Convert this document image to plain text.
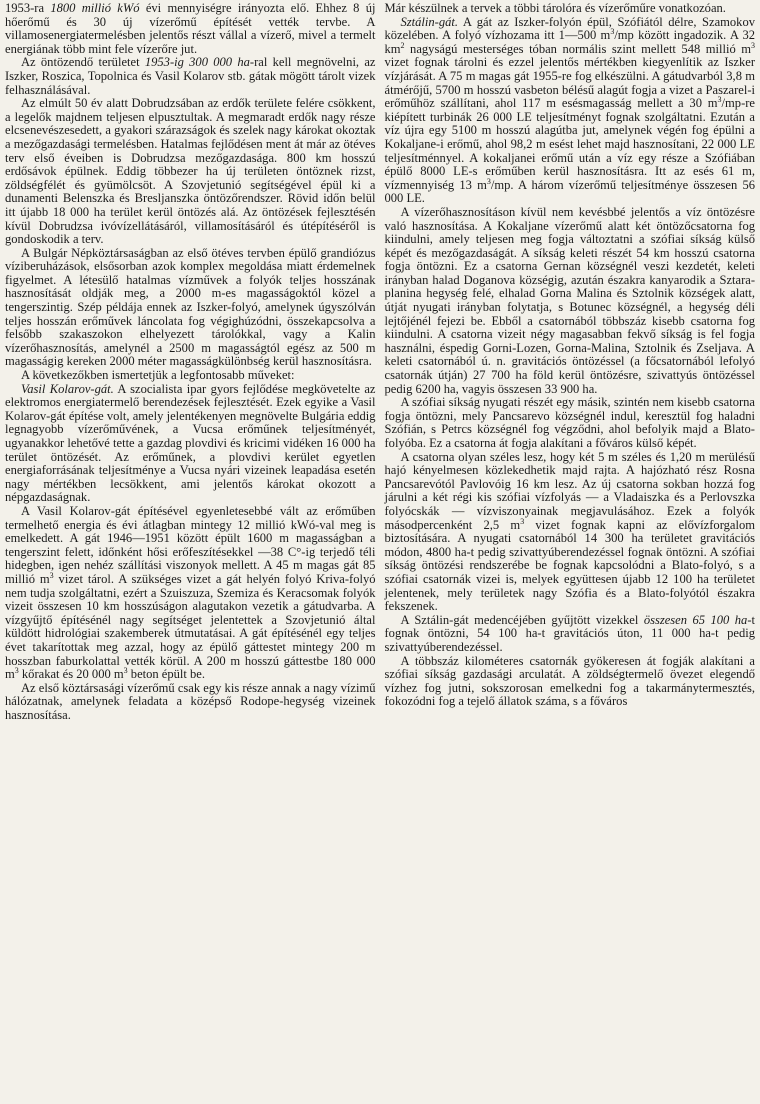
1953-ra 1800 millió kWó évi mennyiségre irányozta elő. Ehhez 8 új hőerőmű és 30 új vízerőmű építését vették tervbe. A villamosenergiatermelésben jelentős részt vállal a vízerő, mivel a termelt energiának több mint fele vízerőre jut.

Az öntözendő területet 1953-ig 300 000 ha-ral kell megnövelni, az Iszker, Roszica, Topolnica és Vasil Kolarov stb. gátak mögött tárolt vizek felhasználásával.

Az elmúlt 50 év alatt Dobrudzsában az erdők területe felére csökkent, a legelők majdnem teljesen elpusztultak. A megmaradt erdők nagy része elcsenevészesedett, a gyakori szárazságok és szelek nagy károkat okoztak a mezőgazdasági termelésben. Hatalmas fejlődésen ment át már az ötéves terv első éveiben is Dobrudzsa mezőgazdasága. 800 km hosszú erdősávok épülnek. Eddig többezer ha új területen öntöznek rizst, zöldségfélét és gyümölcsöt. A Szovjetunió segítségével épül ki a dunamenti Belenszka és Bresljanszka öntözőrendszer. Rövid időn belül itt újabb 18 000 ha terület kerül öntözés alá. Az öntözések fejlesztésén kívül Dobrudzsa ivóvízellátásáról, villamosításáról és útépítéséről is gondoskodik a terv.

A Bulgár Népköztársaságban az első ötéves tervben épülő grandiózus víziberuházások, elsősorban azok komplex megoldása miatt érdemelnek figyelmet. A létesülő hatalmas vízművek a folyók teljes hosszának hasznosítását oldják meg, a 2000 m-es magasságoktól közel a tengerszintig. Szép példája ennek az Iszker-folyó, amelynek úgyszólván teljes hosszán erőművek láncolata fog végighúzódni, összekapcsolva a felsőbb szakaszokon elhelyezett tárolókkal, vagy a Kalin vízerőhasznosítás, amelynél a 2500 m magasságtól egész az 500 m magasságig kereken 2000 méter magasságkülönbség kerül hasznosításra.

A következőkben ismertetjük a legfontosabb műveket:

Vasil Kolarov-gát. A szocialista ipar gyors fejlődése megkövetelte az elektromos energiatermelő berendezések fejlesztését. Ezek egyike a Vasil Kolarov-gát építése volt, amely jelentékenyen megnövelte Bulgária eddig legnagyobb vízerőművének, a Vucsa erőműnek teljesítményét, ugyanakkor lehetővé tette a gazdag plovdivi és kricimi vidéken 16 000 ha terület öntözését. Az erőműnek, a plovdivi kerület egyetlen energiaforrásának teljesítménye a Vucsa nyári vizeinek leapadása esetén nagy mértékben lecsökkent, ami jelentős károkat okozott a népgazdaságnak.

A Vasil Kolarov-gát építésével egyenletesebbé vált az erőműben termelhető energia és évi átlagban mintegy 12 millió kWó-val meg is emelkedett. A gát 1946—1951 között épült 1600 m magasságban a tengerszint felett, időnként hősi erőfeszítésekkel —38 C°-ig terjedő téli hidegben, igen nehéz szállítási viszonyok mellett. A 45 m magas gát 85 millió $m^3$ vizet tárol. A szükséges vizet a gát helyén folyó Kriva-folyó nem tudja szolgáltatni, ezért a Szuiszuza, Szemiza és Keracsomak folyók vizeit összesen 10 km hosszúságon alagutakon vezetik a gátudvarba. A vízgyűjtő építésénél nagy segítséget jelentettek a Szovjetunió által küldött hidrológiai szakemberek útmutatásai. A gát építésénél egy teljes évet takarítottak meg azzal, hogy az épülő gáttestet mintegy 200 m hosszban faburkolattal vették körül. A 200 m hosszú gáttestbe 180 000 $m^3$ kőrakat és 20 000 $m^3$ beton épült be.

Az első köztársasági vízerőmű csak egy kis része annak a nagy vízimű hálózatnak, amelynek feladata a középső Rodope-hegység vizeinek hasznosítása.

Már készülnek a tervek a többi tárolóra és vízerőműre vonatkozóan.

Sztálin-gát. A gát az Iszker-folyón épül, Szófiától délre, Szamokov közelében. A folyó vízhozama itt 1—500 $m^3/mp$ között ingadozik. A 32 $km^2$ nagyságú mesterséges tóban normális szint mellett 548 millió $m^3$ vizet fognak tárolni és ezzel jelentős mértékben kiegyenlítik az Iszker vízjárását. A 75 m magas gát 1955-re fog elkészülni. A gátudvarból 3,8 m átmérőjű, 5700 m hosszú vasbeton bélésű alagút fogja a vizet a Paszarel-i erőműhöz szállítani, ahol 117 m esésmagasság mellett a 30 $m^3/mp-re$ kiépített turbinák 26 000 LE teljesítményt fognak szolgáltatni. Ezután a víz újra egy 5100 m hosszú alagútba jut, amelynek végén fog épülni a Kokaljane-i erőmű, ahol 98,2 m esést lehet majd hasznosítani, 22 000 LE teljesítménnyel. A kokaljanei erőmű után a víz egy része a Szófiában épülő 8000 LE-s erőműben kerül hasznosításra. Itt az esés 61 m, vízmennyiség 13 $m^3/mp$. A három vízerőmű teljesítménye összesen 56 000 LE.

A vízerőhasznosításon kívül nem kevésbbé jelentős a víz öntözésre való hasznosítása. A Kokaljane vízerőmű alatt két öntözőcsatorna fog kiindulni, amely teljesen meg fogja változtatni a szófiai síkság külső képét és mezőgazdaságát. A síkság keleti részét 54 km hosszú csatorna fogja öntözni. Ez a csatorna Gernan községnél veszi kezdetét, keleti irányban halad Doganova községig, azután északra kanyarodik a Sztara-planina hegység felé, elhalad Gorna Malina és Sztolnik községek alatt, útját nyugati irányban folytatja, s Botunec községnél, a hegység déli lejtőjénél fejezi be. Ebből a csatornából többszáz kisebb csatorna fog kiindulni. A csatorna vizeit négy magasabban fekvő síkság is fel fogja használni, éspedig Gorni-Lozen, Gorna-Malina, Sztolnik és Zseljava. A keleti csatornából ú. n. gravitációs öntözéssel (a főcsatornából lefolyó csatornák útján) 27 700 ha föld kerül öntözésre, szivattyús öntözéssel pedig 6200 ha, vagyis összesen 33 900 ha.

A szófiai síkság nyugati részét egy másik, szintén nem kisebb csatorna fogja öntözni, mely Pancsarevo községnél indul, keresztül fog haladni Szófián, s Petrcs községnél fog végződni, ahol befolyik majd a Blato-folyóba. Ez a csatorna át fogja alakítani a főváros külső képét.

A csatorna olyan széles lesz, hogy két 5 m széles és 1,20 m merülésű hajó kényelmesen közlekedhetik majd rajta. A hajózható rész Rosna Pancsarevótól Pavlovóig 16 km lesz. Az új csatorna sokban hozzá fog járulni a két régi kis szófiai vízfolyás — a Vladaiszka és a Perlovszka folyócskák — vízviszonyainak megjavulásához. Ezek a folyók másodpercenként 2,5 $m^3$ vizet fognak kapni az elővízforgalom biztosítására. A nyugati csatornából 14 300 ha területet gravitációs módon, 4800 ha-t pedig szivattyúberendezéssel fognak öntözni. A szófiai síkság öntözési rendszerébe be fognak kapcsolódni a Blato-folyó, s a szófiai csatornák vizei is, melyek együttesen újabb 12 100 ha területet jelentenek, mely területek nagy Szófia és a Blato-folyótól északra fekszenek.

A Sztálin-gát medencéjében gyűjtött vizekkel összesen 65 100 ha-t fognak öntözni, 54 100 ha-t gravitációs úton, 11 000 ha-t pedig szivattyúberendezéssel.

A többszáz kilométeres csatornák gyökeresen át fogják alakítani a szófiai síkság gazdasági arculatát. A zöldségtermelő övezet elegendő vízhez fog jutni, sokszorosan emelkedni fog a takarmánytermesztés, fokozódni fog a tejelő állatok száma, s a főváros
